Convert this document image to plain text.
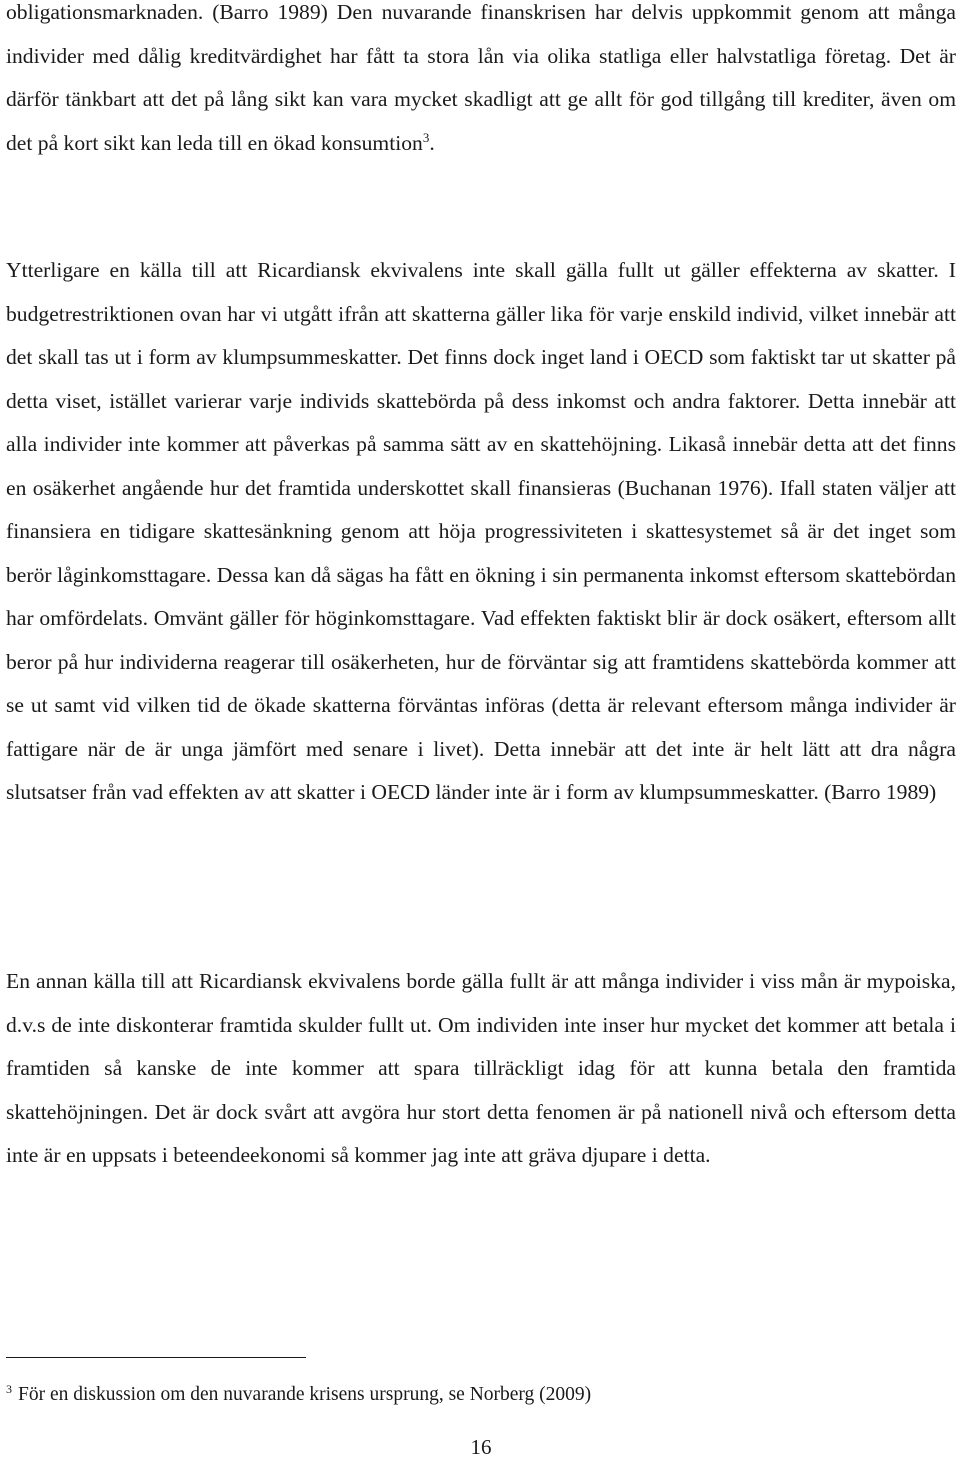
obligationsmarknaden. (Barro 1989) Den nuvarande finanskrisen har delvis uppkommit genom att många individer med dålig kreditvärdighet har fått ta stora lån via olika statliga eller halvstatliga företag. Det är därför tänkbart att det på lång sikt kan vara mycket skadligt att ge allt för god tillgång till krediter, även om det på kort sikt kan leda till en ökad konsumtion$^3$.

Ytterligare en källa till att Ricardiansk ekvivalens inte skall gälla fullt ut gäller effekterna av skatter. I budgetrestriktionen ovan har vi utgått ifrån att skatterna gäller lika för varje enskild individ, vilket innebär att det skall tas ut i form av klumpsummeskatter. Det finns dock inget land i OECD som faktiskt tar ut skatter på detta viset, istället varierar varje individs skattebörda på dess inkomst och andra faktorer. Detta innebär att alla individer inte kommer att påverkas på samma sätt av en skattehöjning. Likaså innebär detta att det finns en osäkerhet angående hur det framtida underskottet skall finansieras (Buchanan 1976). Ifall staten väljer att finansiera en tidigare skattesänkning genom att höja progressiviteten i skattesystemet så är det inget som berör låginkomsttagare. Dessa kan då sägas ha fått en ökning i sin permanenta inkomst eftersom skattebördan har omfördelats. Omvänt gäller för höginkomsttagare. Vad effekten faktiskt blir är dock osäkert, eftersom allt beror på hur individerna reagerar till osäkerheten, hur de förväntar sig att framtidens skattebörda kommer att se ut samt vid vilken tid de ökade skatterna förväntas införas (detta är relevant eftersom många individer är fattigare när de är unga jämfört med senare i livet). Detta innebär att det inte är helt lätt att dra några slutsatser från vad effekten av att skatter i OECD länder inte är i form av klumpsummeskatter. (Barro 1989)

En annan källa till att Ricardiansk ekvivalens borde gälla fullt är att många individer i viss mån är mypoiska, d.v.s de inte diskonterar framtida skulder fullt ut. Om individen inte inser hur mycket det kommer att betala i framtiden så kanske de inte kommer att spara tillräckligt idag för att kunna betala den framtida skattehöjningen. Det är dock svårt att avgöra hur stort detta fenomen är på nationell nivå och eftersom detta inte är en uppsats i beteendeekonomi så kommer jag inte att gräva djupare i detta.

$^3$ För en diskussion om den nuvarande krisens ursprung, se Norberg (2009)

16
